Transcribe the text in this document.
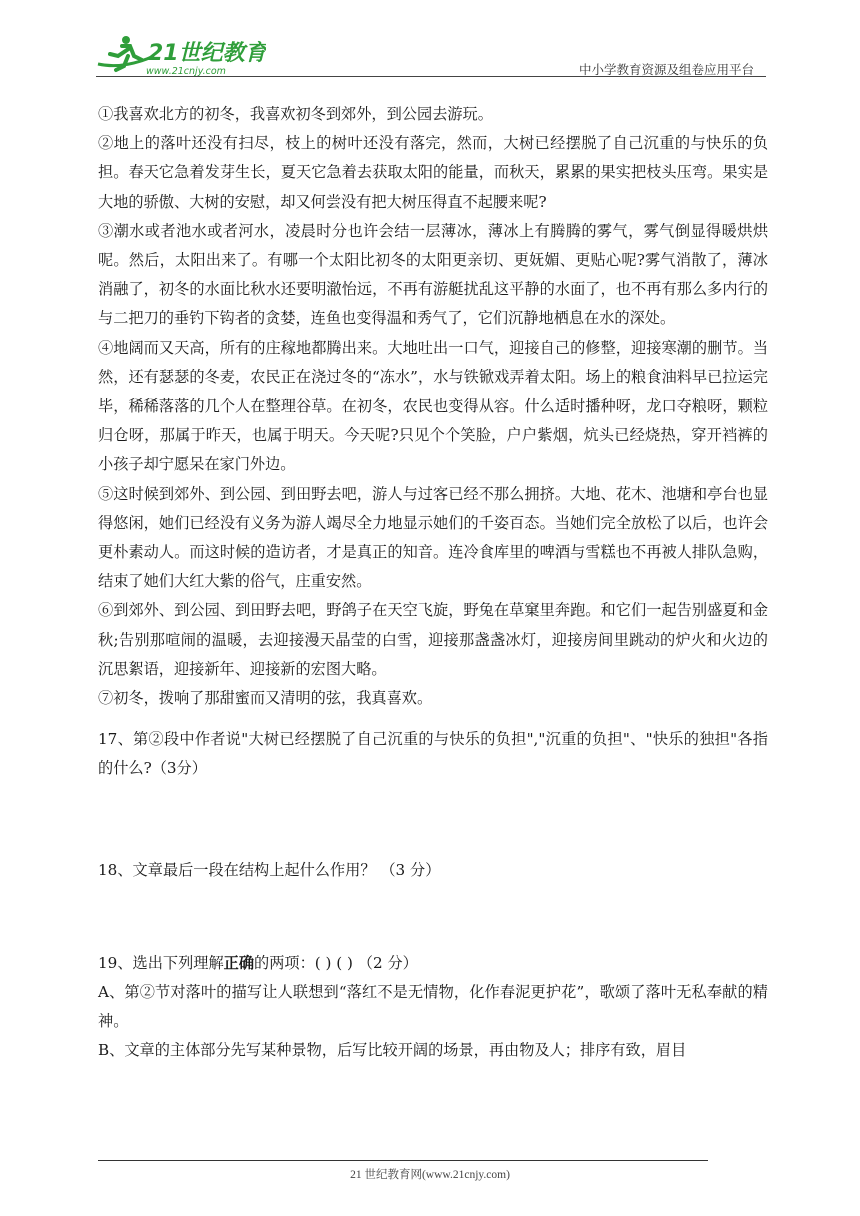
21世纪教育
www.21cnjy.com	中小学教育资源及组卷应用平台

①我喜欢北方的初冬，我喜欢初冬到郊外，到公园去游玩。

②地上的落叶还没有扫尽，枝上的树叶还没有落完，然而，大树已经摆脱了自己沉重的与快乐的负担。春天它急着发芽生长，夏天它急着去获取太阳的能量，而秋天，累累的果实把枝头压弯。果实是大地的骄傲、大树的安慰，却又何尝没有把大树压得直不起腰来呢?

③潮水或者池水或者河水，凌晨时分也许会结一层薄冰，薄冰上有腾腾的雾气，雾气倒显得暖烘烘呢。然后，太阳出来了。有哪一个太阳比初冬的太阳更亲切、更妩媚、更贴心呢?雾气消散了，薄冰消融了，初冬的水面比秋水还要明澈怡远，不再有游艇扰乱这平静的水面了，也不再有那么多内行的与二把刀的垂钓下钩者的贪婪，连鱼也变得温和秀气了，它们沉静地栖息在水的深处。

④地阔而又天高，所有的庄稼地都腾出来。大地吐出一口气，迎接自己的修整，迎接寒潮的删节。当然，还有瑟瑟的冬麦，农民正在浇过冬的“冻水”，水与铁锨戏弄着太阳。场上的粮食油料早已拉运完毕，稀稀落落的几个人在整理谷草。在初冬，农民也变得从容。什么适时播种呀，龙口夺粮呀，颗粒归仓呀，那属于昨天，也属于明天。今天呢?只见个个笑脸，户户紫烟，炕头已经烧热，穿开裆裤的小孩子却宁愿呆在家门外边。

⑤这时候到郊外、到公园、到田野去吧，游人与过客已经不那么拥挤。大地、花木、池塘和亭台也显得悠闲，她们已经没有义务为游人竭尽全力地显示她们的千姿百态。当她们完全放松了以后，也许会更朴素动人。而这时候的造访者，才是真正的知音。连冷食库里的啤酒与雪糕也不再被人排队急购，结束了她们大红大紫的俗气，庄重安然。

⑥到郊外、到公园、到田野去吧，野鸽子在天空飞旋，野兔在草窠里奔跑。和它们一起告别盛夏和金秋;告别那喧闹的温暖，去迎接漫天晶莹的白雪，迎接那盏盏冰灯，迎接房间里跳动的炉火和火边的沉思絮语，迎接新年、迎接新的宏图大略。

⑦初冬，拨响了那甜蜜而又清明的弦，我真喜欢。

17、第②段中作者说"大树已经摆脱了自己沉重的与快乐的负担","沉重的负担"、"快乐的独担"各指的什么?（3分）

18、文章最后一段在结构上起什么作用？ （3 分）

19、选出下列理解正确的两项：( ) ( ) （2 分）

A、第②节对落叶的描写让人联想到“落红不是无情物，化作春泥更护花”，歌颂了落叶无私奉献的精神。

B、文章的主体部分先写某种景物，后写比较开阔的场景，再由物及人；排序有致，眉目

21 世纪教育网(www.21cnjy.com)
